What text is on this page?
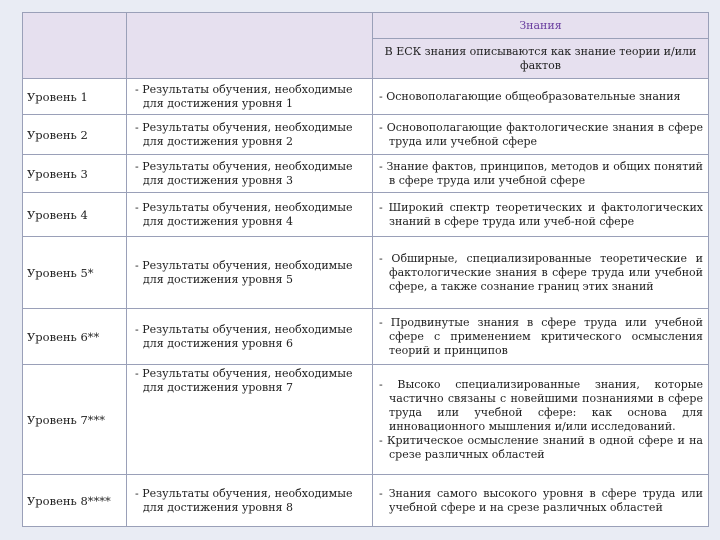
		Знания
		В ЕСК знания описываются как знание теории и/или фактов
Уровень 1	- Результаты обучения, необходимые для достижения уровня 1	- Основополагающие общеобразовательные знания

Уровень 2	- Результаты обучения, необходимые для достижения уровня 2	- Основополагающие фактологические знания в сфере труда или учебной сфере

Уровень 3	- Результаты обучения, необходимые для достижения уровня 3	- Знание фактов, принципов, методов и общих понятий в сфере труда или учебной сфере

Уровень 4	- Результаты обучения, необходимые для достижения уровня 4	- Широкий спектр теоретических и фактологических знаний в сфере труда или учеб-ной сфере

Уровень 5*	- Результаты обучения, необходимые для достижения уровня 5	- Обширные, специализированные теоретические и фактологические знания в сфере труда или учебной сфере, а также сознание границ этих знаний

Уровень 6**	- Результаты обучения, необходимые для достижения уровня 6	- Продвинутые знания в сфере труда или учебной сфере с применением критического осмысления теорий и принципов

Уровень 7***	- Результаты обучения, необходимые для достижения уровня 7	- Высоко специализированные знания, которые частично связаны с новейшими познаниями в сфере труда или учебной сфере: как основа для инновационного мышления и/или исследований.
- Критическое осмысление знаний в одной сфере и на срезе различных областей

Уровень 8****	- Результаты обучения, необходимые для достижения уровня 8	- Знания самого высокого уровня в сфере труда или учебной сфере и на срезе различных областей
